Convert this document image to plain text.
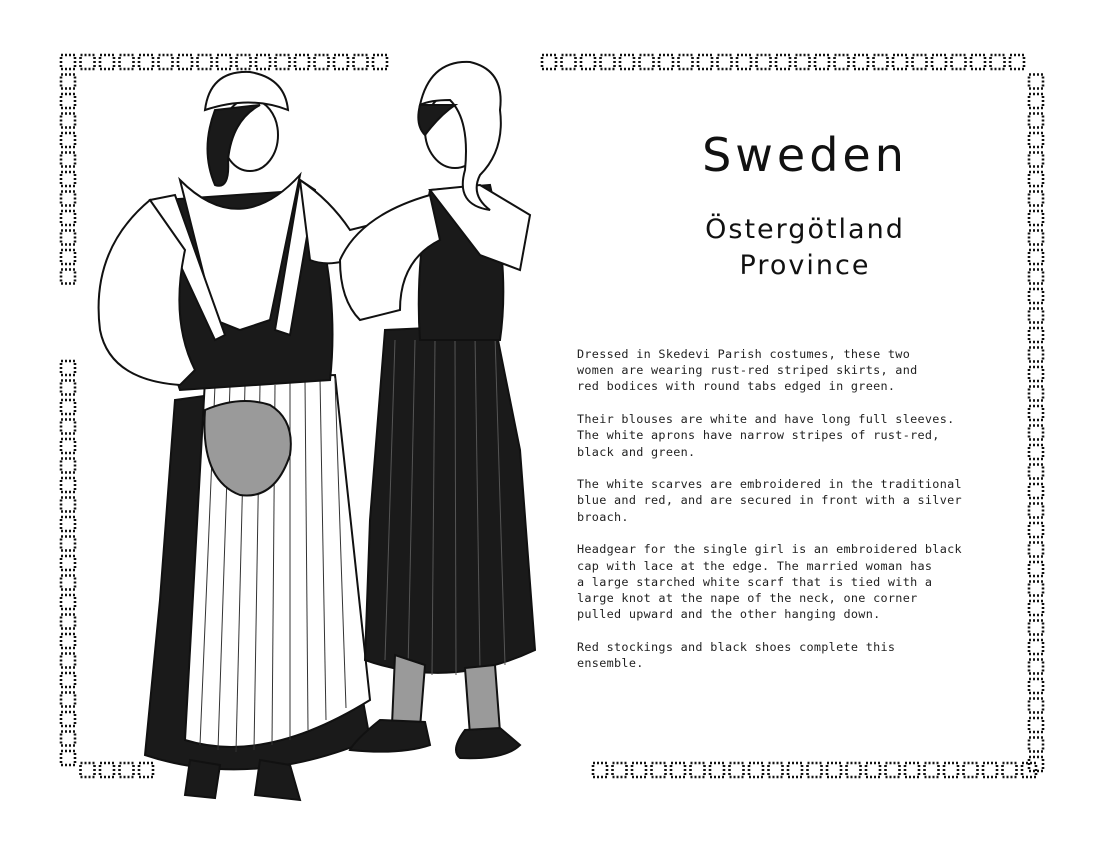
Sweden
Östergötland
Province

Dressed in Skedevi Parish costumes, these two
women are wearing rust-red striped skirts, and
red bodices with round tabs edged in green.

Their blouses are white and have long full sleeves.
The white aprons have narrow stripes of rust-red,
black and green.

The white scarves are embroidered in the traditional
blue and red, and are secured in front with a silver
broach.

Headgear for the single girl is an embroidered black
cap with lace at the edge. The married woman has
a large starched white scarf that is tied with a
large knot at the nape of the neck, one corner
pulled upward and the other hanging down.

Red stockings and black shoes complete this
ensemble.
